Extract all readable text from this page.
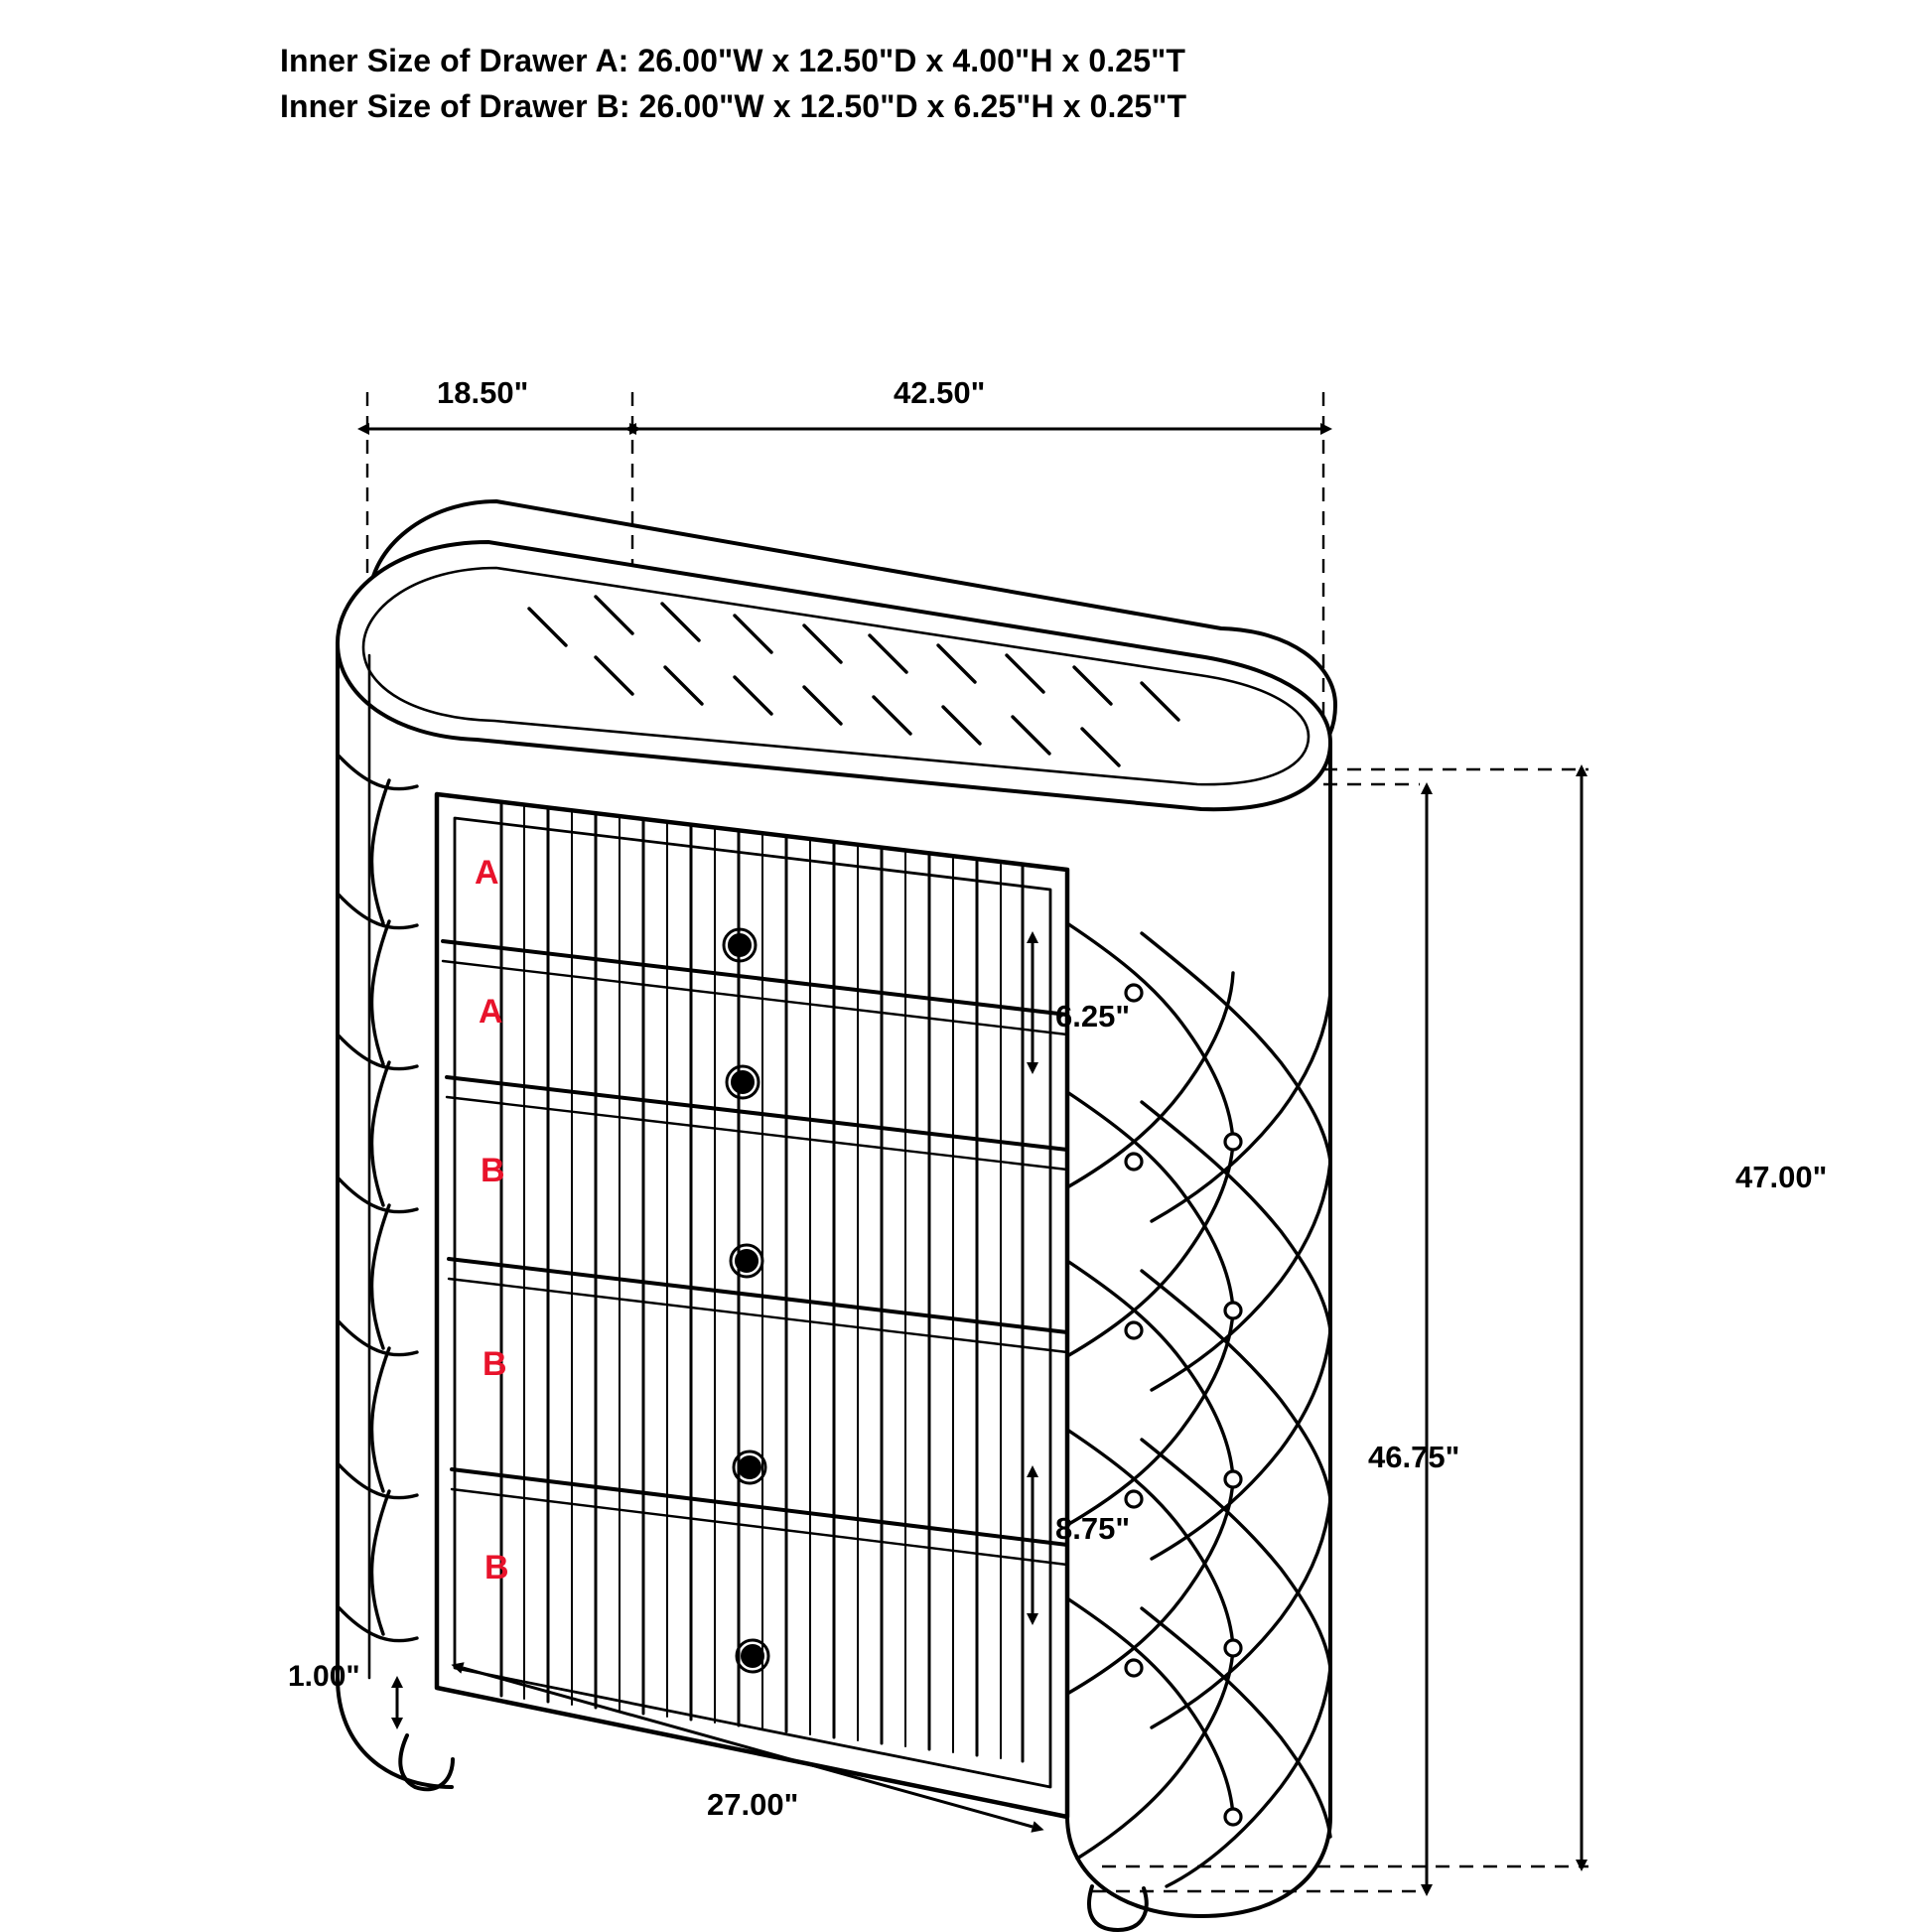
Inner Size of Drawer A: 26.00"W x 12.50"D x 4.00"H x 0.25"T
Inner Size of Drawer B: 26.00"W x 12.50"D x 6.25"H x 0.25"T
18.50"	42.50"
6.25"
8.75"
47.00"
46.75"
1.00"
27.00"
A
A
B
B
B
